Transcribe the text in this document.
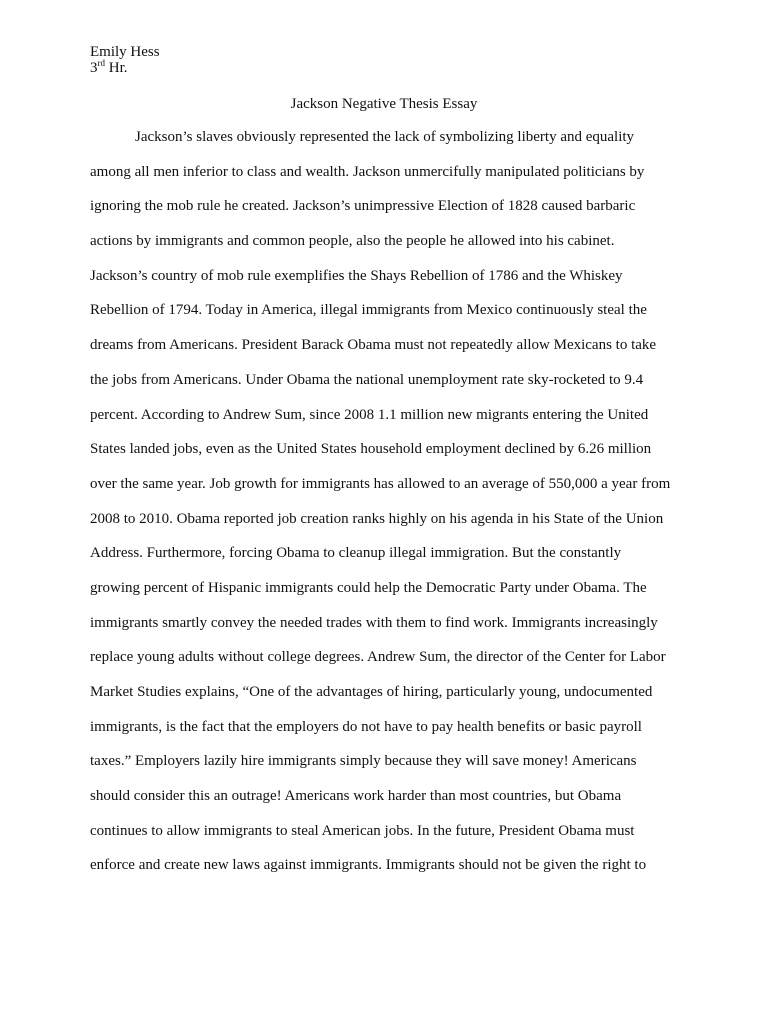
Emily Hess
3rd Hr.
Jackson Negative Thesis Essay
Jackson’s slaves obviously represented the lack of symbolizing liberty and equality
among all men inferior to class and wealth. Jackson unmercifully manipulated politicians by
ignoring the mob rule he created. Jackson’s unimpressive Election of 1828 caused barbaric
actions by immigrants and common people, also the people he allowed into his cabinet.
Jackson’s country of mob rule exemplifies the Shays Rebellion of 1786 and the Whiskey
Rebellion of 1794. Today in America, illegal immigrants from Mexico continuously steal the
dreams from Americans. President Barack Obama must not repeatedly allow Mexicans to take
the jobs from Americans. Under Obama the national unemployment rate sky-rocketed to 9.4
percent. According to Andrew Sum, since 2008 1.1 million new migrants entering the United
States landed jobs, even as the United States household employment declined by 6.26 million
over the same year. Job growth for immigrants has allowed to an average of 550,000 a year from
2008 to 2010. Obama reported job creation ranks highly on his agenda in his State of the Union
Address. Furthermore, forcing Obama to cleanup illegal immigration. But the constantly
growing percent of Hispanic immigrants could help the Democratic Party under Obama. The
immigrants smartly convey the needed trades with them to find work. Immigrants increasingly
replace young adults without college degrees. Andrew Sum, the director of the Center for Labor
Market Studies explains, “One of the advantages of hiring, particularly young, undocumented
immigrants, is the fact that the employers do not have to pay health benefits or basic payroll
taxes.” Employers lazily hire immigrants simply because they will save money! Americans
should consider this an outrage! Americans work harder than most countries, but Obama
continues to allow immigrants to steal American jobs. In the future, President Obama must
enforce and create new laws against immigrants. Immigrants should not be given the right to
